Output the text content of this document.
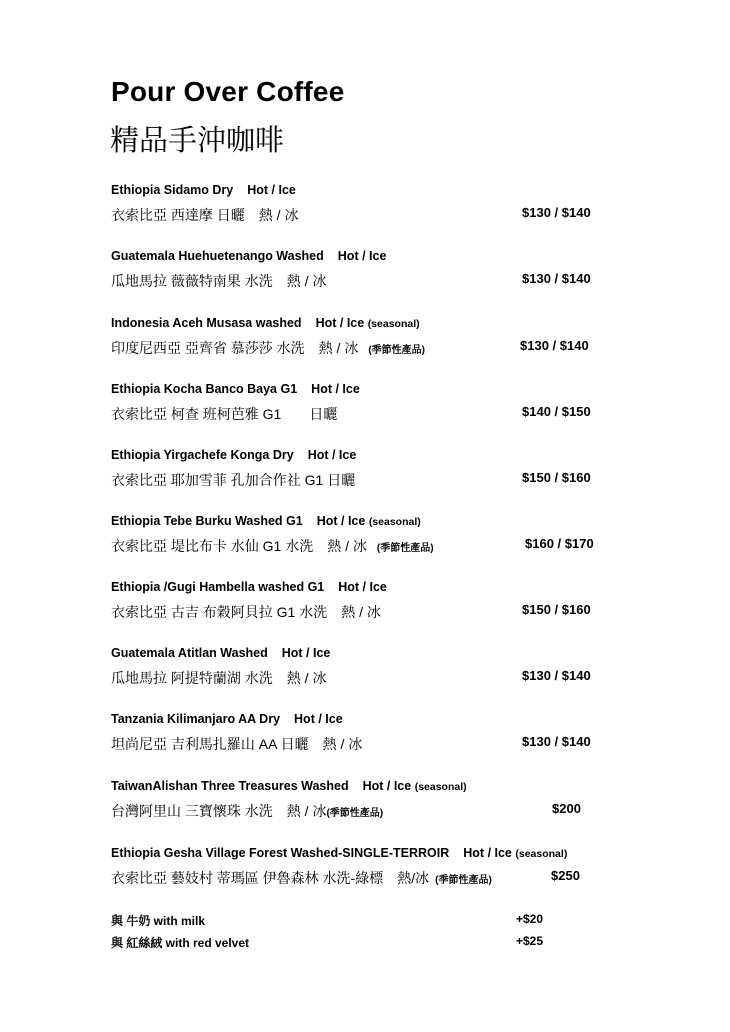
Pour Over Coffee
精品手沖咖啡
Ethiopia Sidamo Dry Hot / Ice
衣索比亞 西達摩 日曬　熱 / 冰	$130 / $140
Guatemala Huehuetenango Washed Hot / Ice
瓜地馬拉 薇薇特南果 水洗　熱 / 冰	$130 / $140
Indonesia Aceh Musasa washed Hot / Ice (seasonal)
印度尼西亞 亞齊省 慕莎莎 水洗　熱 / 冰 (季節性產品)	$130 / $140
Ethiopia Kocha Banco Baya G1 Hot / Ice
衣索比亞 柯查 班柯芭雅 G1　　日曬	$140 / $150
Ethiopia Yirgachefe Konga Dry Hot / Ice
衣索比亞 耶加雪菲 孔加合作社 G1 日曬	$150 / $160
Ethiopia Tebe Burku Washed G1 Hot / Ice (seasonal)
衣索比亞 堤比布卡 水仙 G1 水洗　熱 / 冰 (季節性產品)	$160 / $170
Ethiopia /Gugi Hambella washed G1 Hot / Ice
衣索比亞 古吉 布穀阿貝拉 G1 水洗　熱 / 冰	$150 / $160
Guatemala Atitlan Washed Hot / Ice
瓜地馬拉 阿提特蘭湖 水洗　熱 / 冰	$130 / $140
Tanzania Kilimanjaro AA Dry Hot / Ice
坦尚尼亞 吉利馬扎羅山 AA 日曬　熱 / 冰	$130 / $140
TaiwanAlishan Three Treasures Washed Hot / Ice (seasonal)
台灣阿里山 三寶懷珠 水洗　熱 / 冰(季節性產品)	$200
Ethiopia Gesha Village Forest Washed-SINGLE-TERROIR Hot / Ice (seasonal)
衣索比亞 藝妓村 蒂瑪區 伊魯森林 水洗-綠標　熱/冰 (季節性產品)	$250
與 牛奶 with milk	+$20
與 紅絲絨 with red velvet	+$25
